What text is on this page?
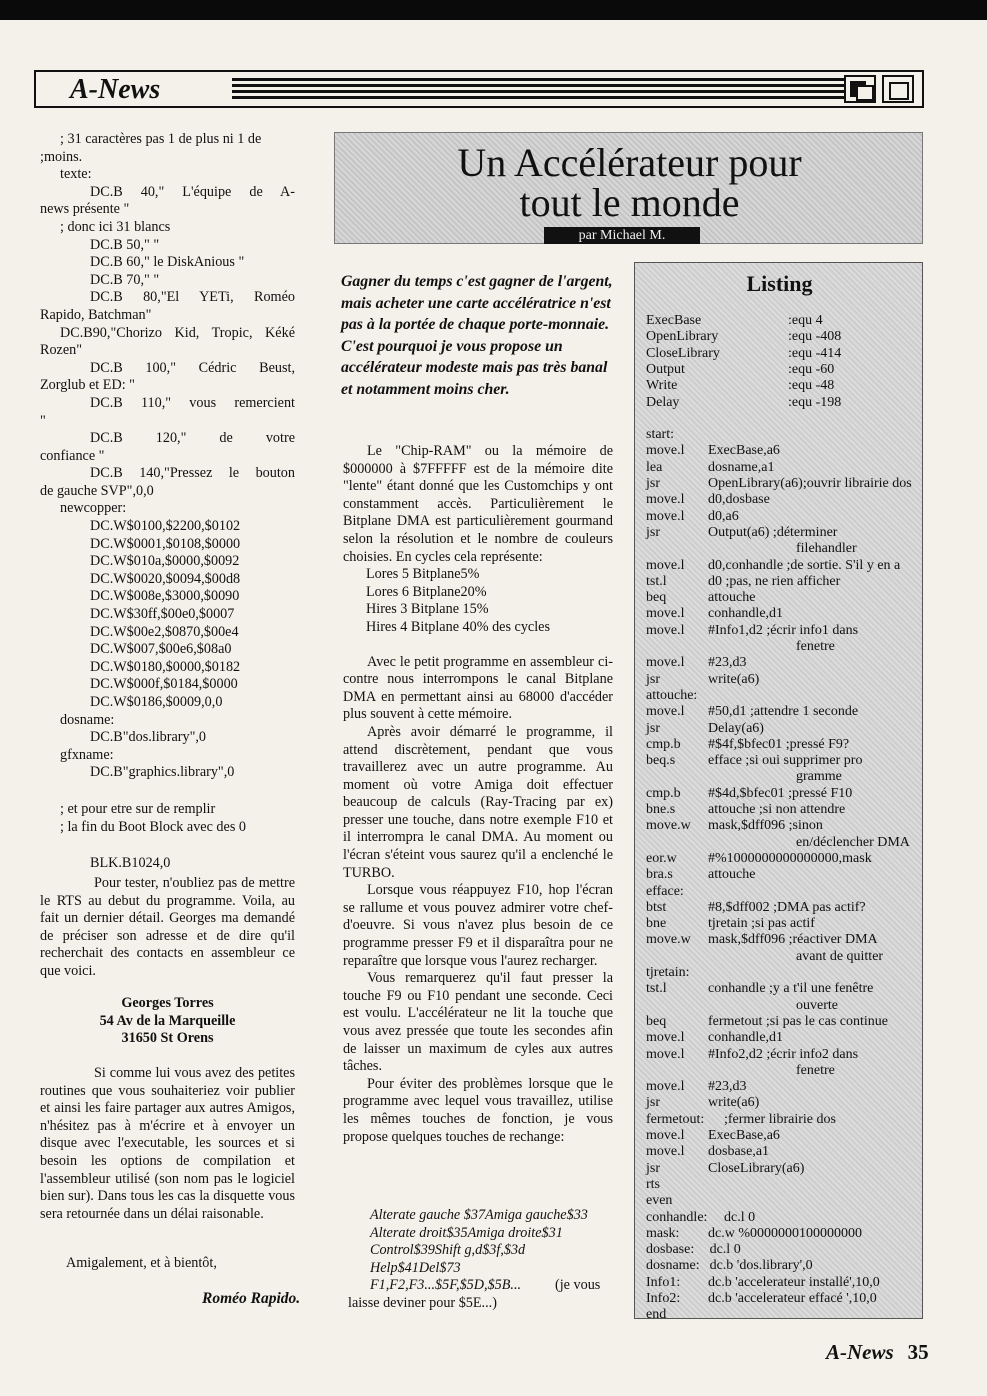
A-News
; 31 caractères pas 1 de plus ni 1 de
;moins.
texte:
DC.B 40," L'équipe de A-
news présente "
; donc ici 31 blancs
DC.B 50," "
DC.B 60," le DiskAnious "
DC.B 70," "
DC.B 80,"El YETi, Roméo
Rapido, Batchman"
DC.B90,"Chorizo Kid, Tropic, Kéké
Rozen"
DC.B 100," Cédric Beust,
Zorglub et ED: "
DC.B 110," vous remercient
"
DC.B 120," de votre
confiance "
DC.B 140,"Pressez le bouton
de gauche SVP",0,0
newcopper:
DC.W$0100,$2200,$0102
DC.W$0001,$0108,$0000
DC.W$010a,$0000,$0092
DC.W$0020,$0094,$00d8
DC.W$008e,$3000,$0090
DC.W$30ff,$00e0,$0007
DC.W$00e2,$0870,$00e4
DC.W$007,$00e6,$08a0
DC.W$0180,$0000,$0182
DC.W$000f,$0184,$0000
DC.W$0186,$0009,0,0
dosname:
DC.B"dos.library",0
gfxname:
DC.B"graphics.library",0
; et pour etre sur de remplir
; la fin du Boot Block avec des 0
BLK.B1024,0

Pour tester, n'oubliez pas de mettre le RTS au debut du programme. Voila, au fait un dernier détail. Georges ma demandé de préciser son adresse et de dire qu'il recherchait des contacts en assembleur ce que voici.

Georges Torres

54 Av de la Marqueille

31650 St Orens

Si comme lui vous avez des petites routines que vous souhaiteriez voir publier et ainsi les faire partager aux autres Amigos, n'hésitez pas à m'écrire et à envoyer un disque avec l'executable, les sources et si besoin les options de compilation et l'assembleur utilisé (son nom pas le logiciel bien sur). Dans tous les cas la disquette vous sera retournée dans un délai raisonable.

Amigalement, et à bientôt,
Roméo Rapido.
Un Accélérateur pour
tout le monde
par Michael M.

Gagner du temps c'est gagner de l'argent, mais acheter une carte accélératrice n'est pas à la portée de chaque porte-monnaie. C'est pourquoi je vous propose un accélérateur modeste mais pas très banal et notamment moins cher.

Le "Chip-RAM" ou la mémoire de $000000 à $7FFFFF est de la mémoire dite "lente" étant donné que les Customchips y ont constamment accès. Particulièrement le Bitplane DMA est particulièrement gourmand selon la résolution et le nombre de couleurs choisies. En cycles cela représente:

Lores 5 Bitplane5%
Lores 6 Bitplane20%
Hires 3 Bitplane 15%
Hires 4 Bitplane 40% des cycles

Avec le petit programme en assembleur ci-contre nous interrompons le canal Bitplane DMA en permettant ainsi au 68000 d'accéder plus souvent à cette mémoire.

Après avoir démarré le programme, il attend discrètement, pendant que vous travaillerez avec un autre programme. Au moment où votre Amiga doit effectuer beaucoup de calculs (Ray-Tracing par ex) presser une touche, dans notre exemple F10 et il interrompra le canal DMA. Au moment ou l'écran s'éteint vous saurez qu'il a enclenché le TURBO.

Lorsque vous réappuyez F10, hop l'écran se rallume et vous pouvez admirer votre chef-d'oeuvre. Si vous n'avez plus besoin de ce programme presser F9 et il disparaîtra pour ne reparaître que lorsque vous l'aurez recharger.

Vous remarquerez qu'il faut presser la touche F9 ou F10 pendant une seconde. Ceci est voulu. L'accélérateur ne lit la touche que vous avez pressée que toute les secondes afin de laisser un maximum de cyles aux autres tâches.

Pour éviter des problèmes lorsque que le programme avec lequel vous travaillez, utilise les mêmes touches de fonction, je vous propose quelques touches de rechange:

Alterate gauche $37Amiga gauche$33
Alterate droit$35Amiga droite$31
Control$39Shift g,d$3f,$3d
Help$41Del$73
F1,F2,F3...$5F,$5D,$5B...	(je vous
laisse deviner pour $5E...)
Listing
ExecBase	:equ 4
OpenLibrary	:equ -408
CloseLibrary	:equ -414
Output	:equ -60
Write	:equ -48
Delay	:equ -198
start:
move.l ExecBase,a6
lea	dosname,a1
jsr	OpenLibrary(a6);ouvrir librairie dos
move.l d0,dosbase
move.l d0,a6
jsr	Output(a6) ;déterminer
filehandler
move.l d0,conhandle ;de sortie. S'il y en a
tst.l	d0 ;pas, ne rien afficher
beq	attouche
move.l conhandle,d1
move.l #Info1,d2 ;écrir info1 dans
fenetre
move.l #23,d3
jsr	write(a6)
attouche:
move.l #50,d1 ;attendre 1 seconde
jsr	Delay(a6)
cmp.b #$4f,$bfec01 ;pressé F9?
beq.s efface ;si oui supprimer pro
gramme
cmp.b #$4d,$bfec01 ;pressé F10
bne.s attouche ;si non attendre
move.w mask,$dff096 ;sinon
en/déclencher DMA
eor.w #%1000000000000000,mask
bra.s	attouche
efface:
btst	#8,$dff002 ;DMA pas actif?
bne	tjretain ;si pas actif
move.w mask,$dff096 ;réactiver DMA
avant de quitter
tjretain:
tst.l	conhandle ;y a t'il une fenêtre
ouverte
beq	fermetout ;si pas le cas continue
move.l conhandle,d1
move.l #Info2,d2 ;écrir info2 dans
fenetre
move.l #23,d3
jsr	write(a6)
fermetout: ;fermer librairie dos
move.l ExecBase,a6
move.l dosbase,a1
jsr	CloseLibrary(a6)
rts
even
conhandle: dc.l 0
mask: dc.w %0000000100000000
dosbase: dc.l 0
dosname: dc.b 'dos.library',0
Info1: dc.b 'accelerateur installé',10,0
Info2: dc.b 'accelerateur effacé ',10,0
end
A-News 35
